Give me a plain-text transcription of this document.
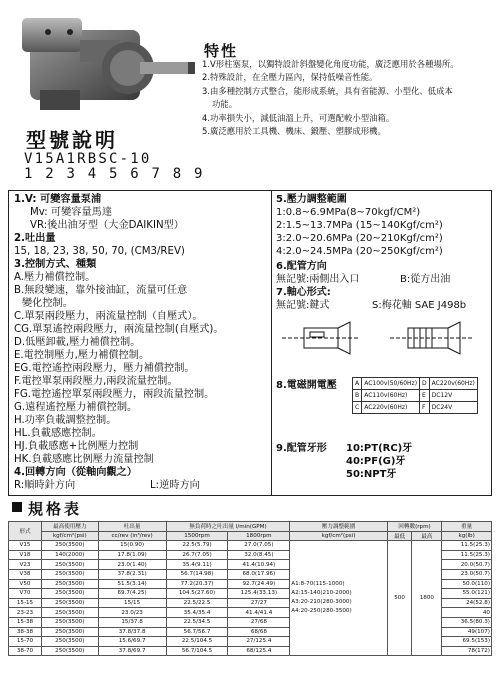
特性
1.V形柱塞泵，以獨特設計斜盤變化角度功能，廣泛應用於各種場所。
2.特殊設計，在全壓力區內，保持低噪音性能。
3.由多種控制方式整合，能形成系統，具有省能源、小型化、低成本
功能。
4.功率損失小，減低油溫上升，可選配較小型油箱。
5.廣泛應用於工具機、機床、鍛壓、塑膠成形機。
型號說明
V15A1RBSC-10
1 2 3 4 5 6 7 8 9
1.V: 可變容量泵浦
Mv: 可變容量馬達
VR:後出油牙型（大金DAIKIN型）
2.吐出量
15, 18, 23, 38, 50, 70, (CM3/REV)
3.控制方式、種類
A.壓力補償控制。
B.無段變速，靠外接油缸，流量可任意
變化控制。
C.單泵兩段壓力，兩流量控制（自壓式）。
CG.單泵遙控兩段壓力，兩流量控制(自壓式)。
D.低壓卸載,壓力補償控制。
E.電控制壓力,壓力補償控制。
EG.電控遙控兩段壓力，壓力補償控制。
F.電控單泵兩段壓力,兩段流量控制。
FG.電控遙控單泵兩段壓力，兩段流量控制。
G.遠程遙控壓力補償控制。
H.功率負載調整控制。
HL.負載感應控制。
HJ.負載感應+比例壓力控制
HK.負載感應比例壓力流量控制
4.回轉方向（從軸向觀之）
R:順時針方向	L:逆時方向
5.壓力調整範圍
1:0.8~6.9MPa(8~70kgf/CM²)
2:1.5~13.7MPa (15~140Kgf/cm²)
3:2.0~20.6MPa (20~210Kgf/cm²)
4:2.0~24.5MPa (20~250Kgf/cm²)
6.配管方向
無記號:兩側出入口	B:從方出油
7.軸心形式:
無記號:鍵式	S:梅花軸 SAE J498b
8.電磁開電壓	A	AC100v(50/60Hz)	D	AC220v(60Hz)
B	AC110v(60Hz)	E	DC12V
C	AC220v(60Hz)	F	DC24V
9.配管牙形 10:PT(RC)牙
40:PF(G)牙
50:NPT牙
規格表
形式	最高使用壓力	吐出量	無負荷時之吐出量 l/min(GPM)		壓力調整範圍	回轉數(rpm)		重量
	kgf/cm²(psi)	cc/rev (in³/rev)	1500rpm	1800rpm	kgf/cm²(psi)	最低	最高	kg(lb)
V15	250(3500)	15(0.90)	22.5(5.79)	27.0(7.05)	A1:8-70(115-1000)
A2:15-140(210-2000)
A3:20-210(280-3000)
A4:20-250(280-3500)	500	1800	11.5(25.3)
V18	140(2000)	17.8(1.09)	26.7(7.05)	32.0(8.45)				11.5(25.3)
V23	250(3500)	23.0(1.40)	35.4(9.11)	41.4(10.94)				20.0(50.7)
V38	250(3500)	37.8(2.31)	56.7(14.98)	68.0(17.96)				23.0(50.7)
V50	250(3500)	51.5(3.14)	77.2(20.37)	92.7(24.49)				50.0(110)
V70	250(3500)	69.7(4.25)	104.5(27.60)	125.4(33.13)				55.0(121)
15-15	250(3500)	15/15	22.5/22.5	27/27				24(52.8)
23-23	250(3500)	23.0/23	35.4/35.4	41.4/41.4				40
15-38	250(3500)	15/37.8	22.5/34.5	27/68				36.5(80.3)
38-38	250(3500)	37.8/37.8	56.7/56.7	68/68				49(107)
15-70	250(3500)	15.6/69.7	22.5/104.5	27/125.4				69.5(153)
38-70	250(3500)	37.8/69.7	56.7/104.5	68/125.4				78(172)
